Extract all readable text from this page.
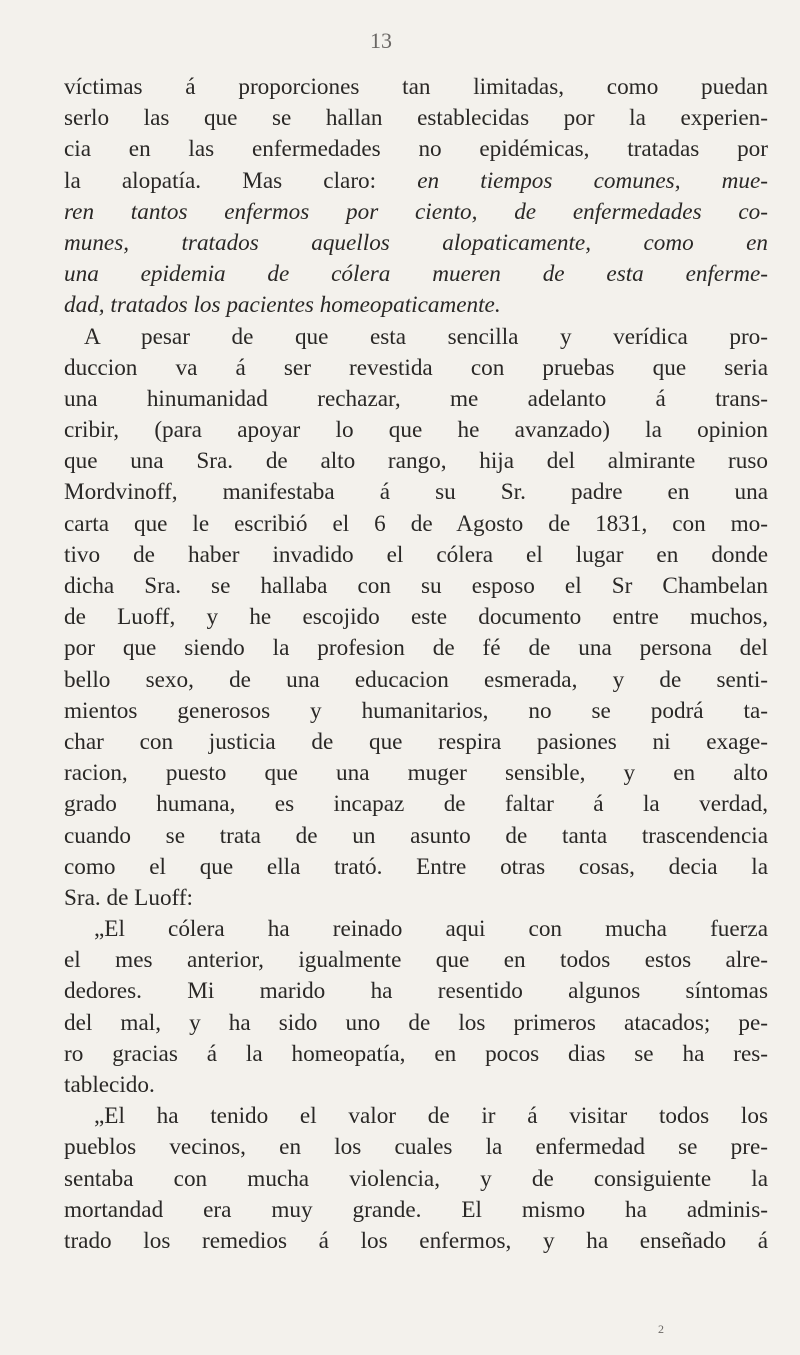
13
víctimas á proporciones tan limitadas, como puedan
serlo las que se hallan establecidas por la experien-
cia en las enfermedades no epidémicas, tratadas por
la alopatía. Mas claro: en tiempos comunes, mue-
ren tantos enfermos por ciento, de enfermedades co-
munes, tratados aquellos alopaticamente, como en
una epidemia de cólera mueren de esta enferme-
dad, tratados los pacientes homeopaticamente.
A pesar de que esta sencilla y verídica pro-
duccion va á ser revestida con pruebas que seria
una hinumanidad rechazar, me adelanto á trans-
cribir, (para apoyar lo que he avanzado) la opinion
que una Sra. de alto rango, hija del almirante ruso
Mordvinoff, manifestaba á su Sr. padre en una
carta que le escribió el 6 de Agosto de 1831, con mo-
tivo de haber invadido el cólera el lugar en donde
dicha Sra. se hallaba con su esposo el Sr Chambelan
de Luoff, y he escojido este documento entre muchos,
por que siendo la profesion de fé de una persona del
bello sexo, de una educacion esmerada, y de senti-
mientos generosos y humanitarios, no se podrá ta-
char con justicia de que respira pasiones ni exage-
racion, puesto que una muger sensible, y en alto
grado humana, es incapaz de faltar á la verdad,
cuando se trata de un asunto de tanta trascendencia
como el que ella trató. Entre otras cosas, decia la
Sra. de Luoff:
„El cólera ha reinado aqui con mucha fuerza
el mes anterior, igualmente que en todos estos alre-
dedores. Mi marido ha resentido algunos síntomas
del mal, y ha sido uno de los primeros atacados; pe-
ro gracias á la homeopatía, en pocos dias se ha res-
tablecido.
„El ha tenido el valor de ir á visitar todos los
pueblos vecinos, en los cuales la enfermedad se pre-
sentaba con mucha violencia, y de consiguiente la
mortandad era muy grande. El mismo ha adminis-
trado los remedios á los enfermos, y ha enseñado á
2
